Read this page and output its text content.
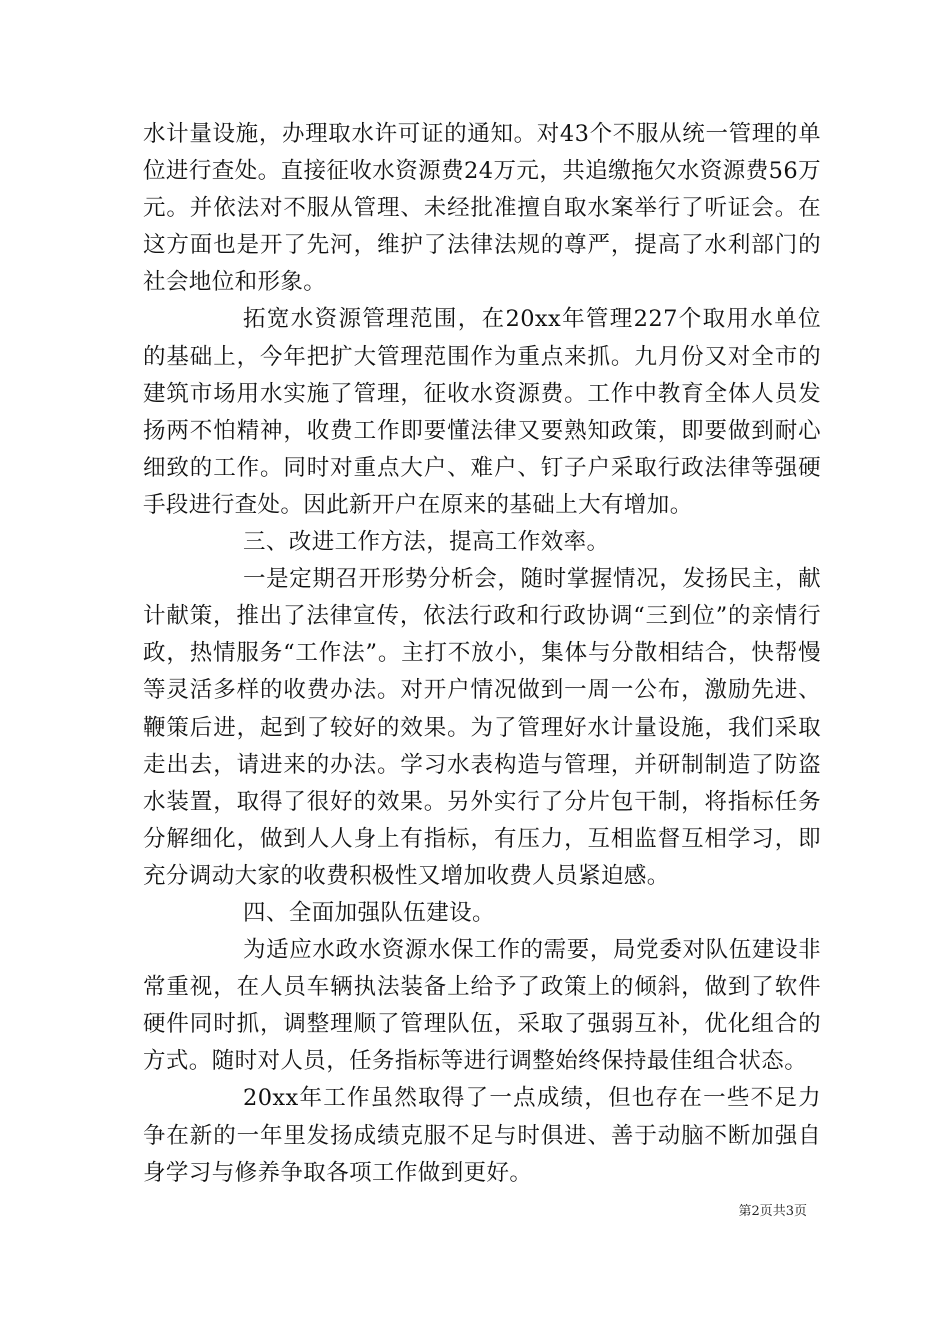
水计量设施，办理取水许可证的通知。对43个不服从统一管理的单位进行查处。直接征收水资源费24万元，共追缴拖欠水资源费56万元。并依法对不服从管理、未经批准擅自取水案举行了听证会。在这方面也是开了先河，维护了法律法规的尊严，提高了水利部门的社会地位和形象。

拓宽水资源管理范围，在20xx年管理227个取用水单位的基础上，今年把扩大管理范围作为重点来抓。九月份又对全市的建筑市场用水实施了管理，征收水资源费。工作中教育全体人员发扬两不怕精神，收费工作即要懂法律又要熟知政策，即要做到耐心细致的工作。同时对重点大户、难户、钉子户采取行政法律等强硬手段进行查处。因此新开户在原来的基础上大有增加。

三、改进工作方法，提高工作效率。

一是定期召开形势分析会，随时掌握情况，发扬民主，献计献策，推出了法律宣传，依法行政和行政协调“三到位”的亲情行政，热情服务“工作法”。主打不放小，集体与分散相结合，快帮慢等灵活多样的收费办法。对开户情况做到一周一公布，激励先进、鞭策后进，起到了较好的效果。为了管理好水计量设施，我们采取走出去，请进来的办法。学习水表构造与管理，并研制制造了防盗水装置，取得了很好的效果。另外实行了分片包干制，将指标任务分解细化，做到人人身上有指标，有压力，互相监督互相学习，即充分调动大家的收费积极性又增加收费人员紧迫感。

四、全面加强队伍建设。

为适应水政水资源水保工作的需要，局党委对队伍建设非常重视，在人员车辆执法装备上给予了政策上的倾斜，做到了软件硬件同时抓，调整理顺了管理队伍，采取了强弱互补，优化组合的方式。随时对人员，任务指标等进行调整始终保持最佳组合状态。

20xx年工作虽然取得了一点成绩，但也存在一些不足力争在新的一年里发扬成绩克服不足与时俱进、善于动脑不断加强自身学习与修养争取各项工作做到更好。

第2页共3页
